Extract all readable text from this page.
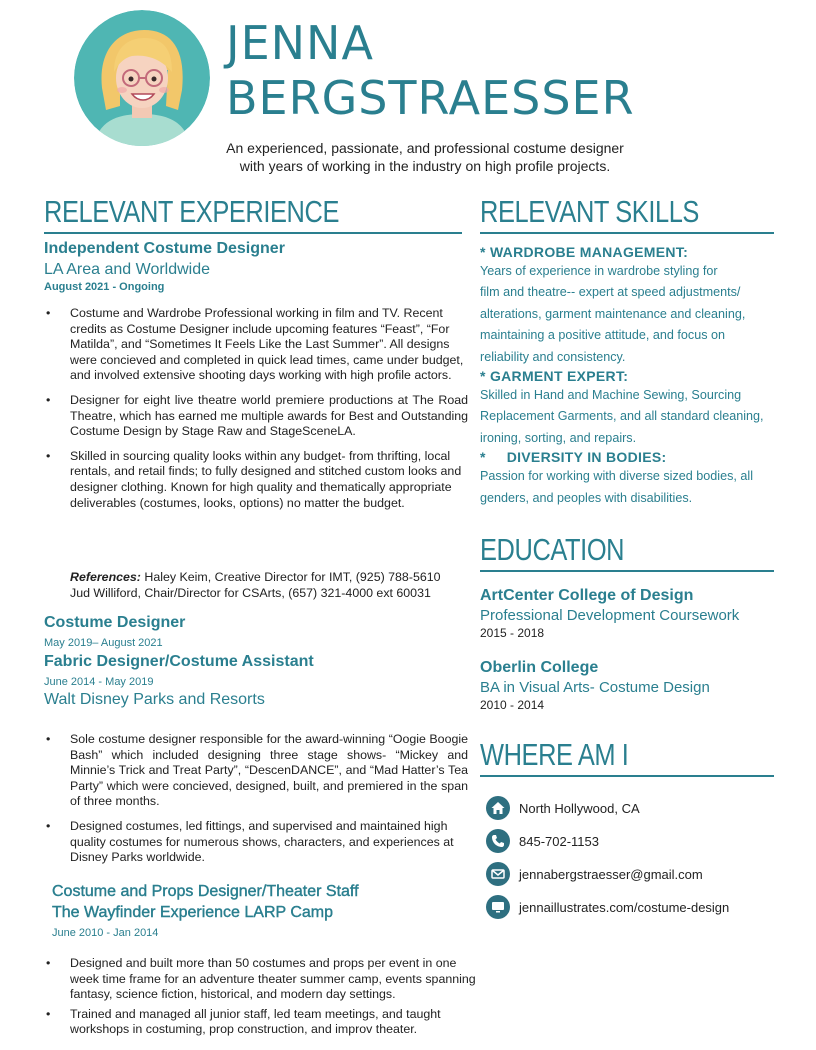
JENNA
BERGSTRAESSER
An experienced, passionate, and professional costume designer
with years of working in the industry on high profile projects.
RELEVANT EXPERIENCE
Independent Costume Designer
LA Area and Worldwide
August 2021 - Ongoing
• Costume and Wardrobe Professional working in film and TV. Recent credits as Costume Designer include upcoming features “Feast”, “For Matilda”, and “Sometimes It Feels Like the Last Summer”. All designs were concieved and completed in quick lead times, came under budget, and involved extensive shooting days working with high profile actors.
• Designer for eight live theatre world premiere productions at The Road Theatre, which has earned me multiple awards for Best and Outstanding Costume Design by Stage Raw and StageSceneLA.
• Skilled in sourcing quality looks within any budget- from thrifting, local rentals, and retail finds; to fully designed and stitched custom looks and designer clothing. Known for high quality and thematically appropriate deliverables (costumes, looks, options) no matter the budget.
References: Haley Keim, Creative Director for IMT, (925) 788-5610
Jud Williford, Chair/Director for CSArts, (657) 321-4000 ext 60031
Costume Designer
May 2019– August 2021
Fabric Designer/Costume Assistant
June 2014 - May 2019
Walt Disney Parks and Resorts
• Sole costume designer responsible for the award-winning “Oogie Boogie Bash” which included designing three stage shows- “Mickey and Minnie’s Trick and Treat Party”, “DescenDANCE”, and “Mad Hatter’s Tea Party” which were concieved, designed, built, and premiered in the span of three months.
• Designed costumes, led fittings, and supervised and maintained high quality costumes for numerous shows, characters, and experiences at Disney Parks worldwide.
Costume and Props Designer/Theater Staff
The Wayfinder Experience LARP Camp
June 2010 - Jan 2014
• Designed and built more than 50 costumes and props per event in one week time frame for an adventure theater summer camp, events spanning fantasy, science fiction, historical, and modern day settings.
• Trained and managed all junior staff, led team meetings, and taught workshops in costuming, prop construction, and improv theater.
RELEVANT SKILLS
* WARDROBE MANAGEMENT:
Years of experience in wardrobe styling for
film and theatre-- expert at speed adjustments/
alterations, garment maintenance and cleaning,
maintaining a positive attitude, and focus on
reliability and consistency.
* GARMENT EXPERT:
Skilled in Hand and Machine Sewing, Sourcing
Replacement Garments, and all standard cleaning,
ironing, sorting, and repairs.
*     DIVERSITY IN BODIES:
Passion for working with diverse sized bodies, all
genders, and peoples with disabilities.
EDUCATION
ArtCenter College of Design
Professional Development Coursework
2015 - 2018
Oberlin College
BA in Visual Arts- Costume Design
2010 - 2014
WHERE AM I
North Hollywood, CA
845-702-1153
jennabergstraesser@gmail.com
jennaillustrates.com/costume-design
